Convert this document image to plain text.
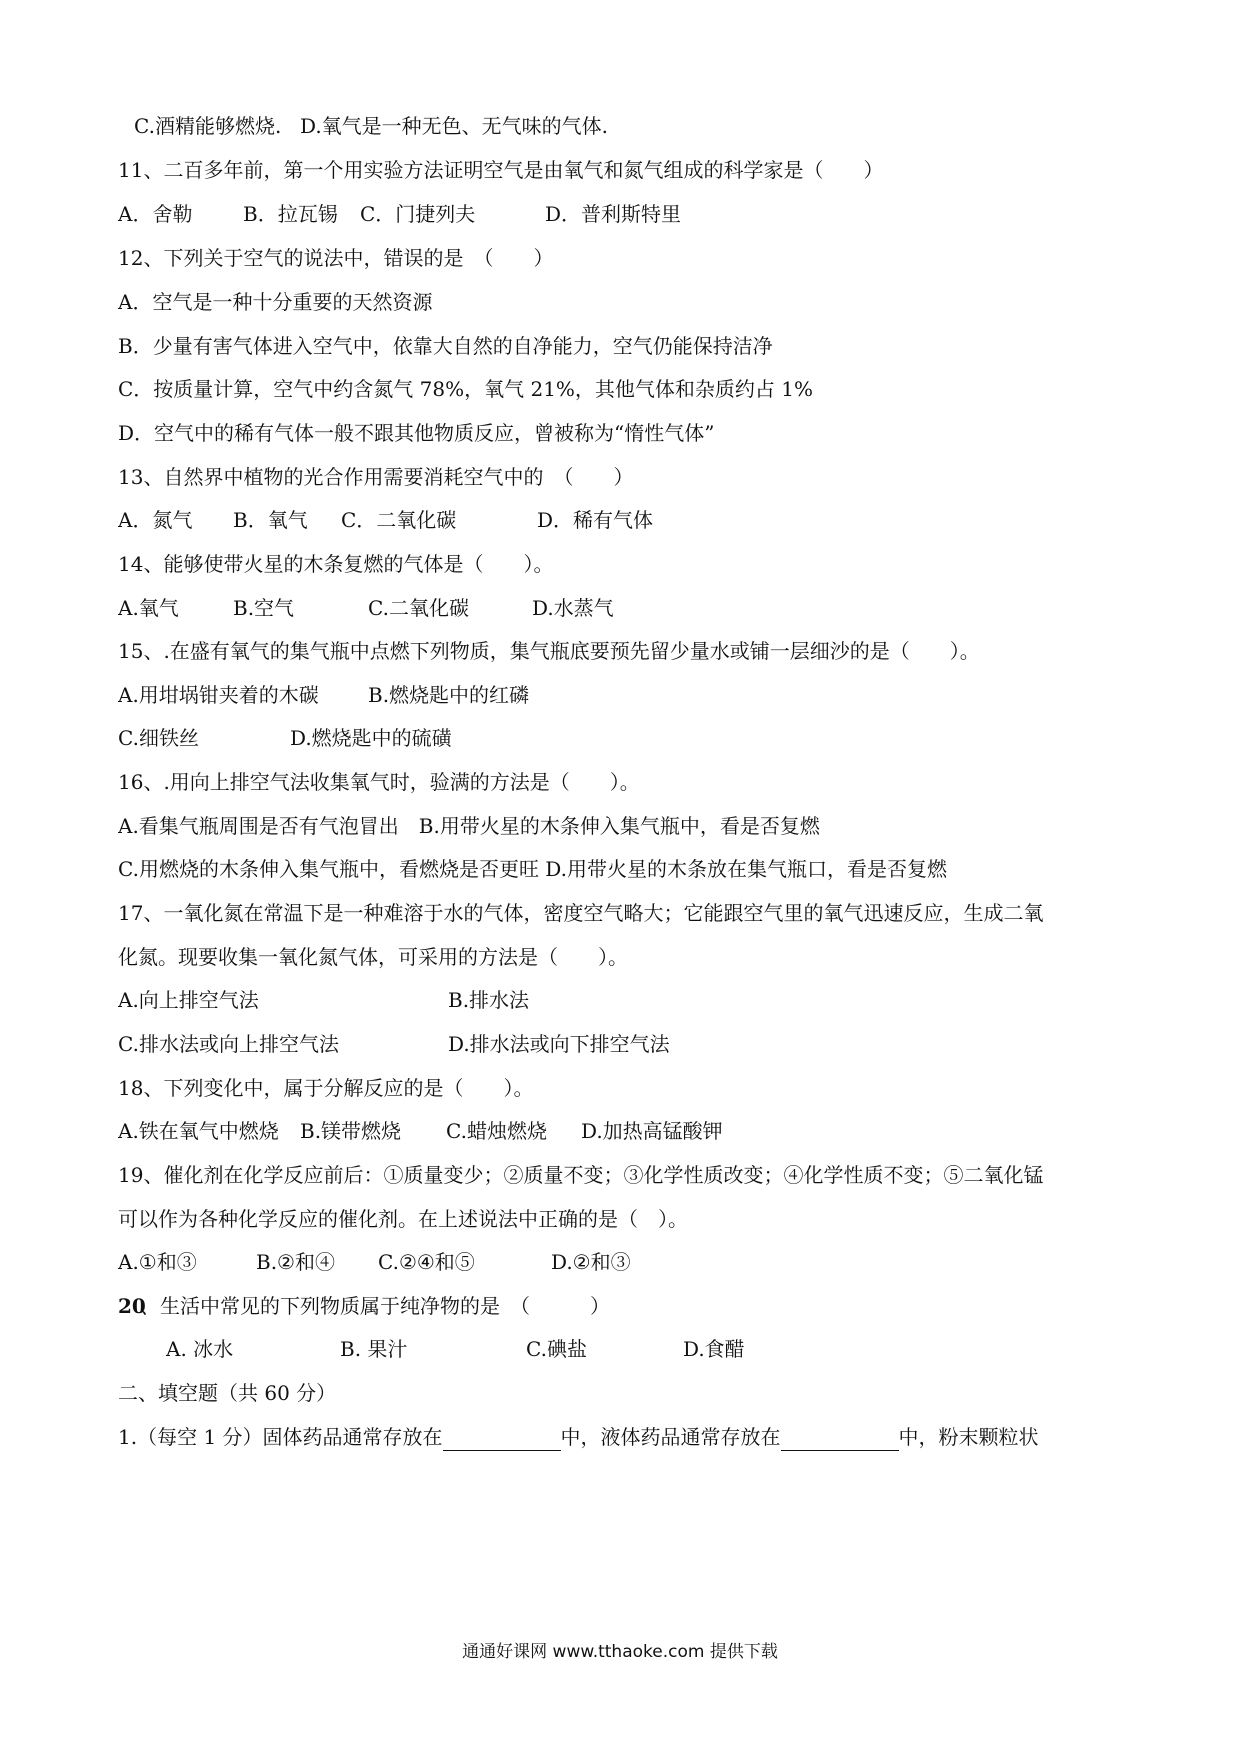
C.酒精能够燃烧. D.氧气是一种无色、无气味的气体.
11、二百多年前，第一个用实验方法证明空气是由氧气和氮气组成的科学家是（　　）
A．舍勒	B．拉瓦锡 C．门捷列夫	D．普利斯特里
12、下列关于空气的说法中，错误的是　（　　）
A．空气是一种十分重要的天然资源
B．少量有害气体进入空气中，依靠大自然的自净能力，空气仍能保持洁净
C．按质量计算，空气中约含氮气 78%，氧气 21%，其他气体和杂质约占 1%
D．空气中的稀有气体一般不跟其他物质反应，曾被称为“惰性气体”
13、自然界中植物的光合作用需要消耗空气中的　（　　）
A．氮气 B．氧气 C．二氧化碳	D．稀有气体
14、能够使带火星的木条复燃的气体是（　　）。
A.氧气	B.空气	C.二氧化碳	D.水蒸气
15、.在盛有氧气的集气瓶中点燃下列物质，集气瓶底要预先留少量水或铺一层细沙的是（　　）。
A.用坩埚钳夹着的木碳 B.燃烧匙中的红磷
C.细铁丝	D.燃烧匙中的硫磺
16、.用向上排空气法收集氧气时，验满的方法是（　　）。
A.看集气瓶周围是否有气泡冒出　B.用带火星的木条伸入集气瓶中，看是否复燃
C.用燃烧的木条伸入集气瓶中，看燃烧是否更旺 D.用带火星的木条放在集气瓶口，看是否复燃
17、一氧化氮在常温下是一种难溶于水的气体，密度空气略大；它能跟空气里的氧气迅速反应，生成二氧
化氮。现要收集一氧化氮气体，可采用的方法是（　　）。
A.向上排空气法	B.排水法
C.排水法或向上排空气法	D.排水法或向下排空气法
18、下列变化中，属于分解反应的是（　　）。
A.铁在氧气中燃烧 B.镁带燃烧 C.蜡烛燃烧 D.加热高锰酸钾
19、催化剂在化学反应前后：①质量变少；②质量不变；③化学性质改变；④化学性质不变；⑤二氧化锰
可以作为各种化学反应的催化剂。在上述说法中正确的是（　）。
A.①和③	B.②和④ C.②④和⑤	D.②和③
20
、生活中常见的下列物质属于纯净物的是　（　　　）
A. 冰水	B. 果汁	C.碘盐	D.食醋
二、填空题（共 60 分）
1.（每空 1 分）固体药品通常存放在	中，液体药品通常存放在	中，粉末颗粒状
通通好课网 www.tthaoke.com 提供下载
